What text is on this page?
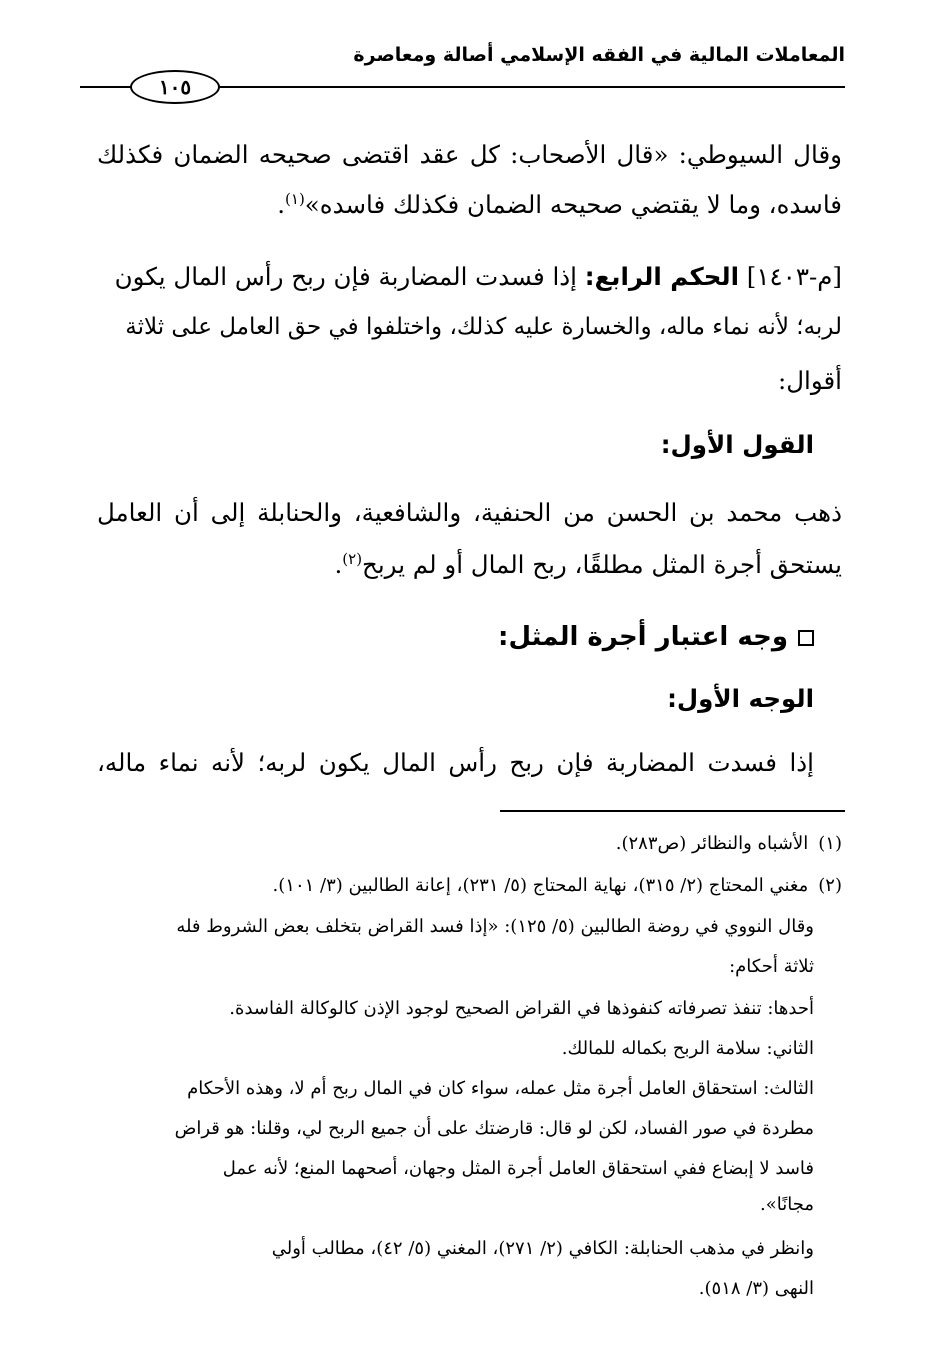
المعاملات المالية في الفقه الإسلامي أصالة ومعاصرة
١٠٥
وقال السيوطي: «قال الأصحاب: كل عقد اقتضى صحيحه الضمان فكذلك
فاسده، وما لا يقتضي صحيحه الضمان فكذلك فاسده»$^{(١)}$.
[م-١٤٠٣] الحكم الرابع: إذا فسدت المضاربة فإن ربح رأس المال يكون
لربه؛ لأنه نماء ماله، والخسارة عليه كذلك، واختلفوا في حق العامل على ثلاثة
أقوال:
القول الأول:
ذهب محمد بن الحسن من الحنفية، والشافعية، والحنابلة إلى أن العامل
يستحق أجرة المثل مطلقًا، ربح المال أو لم يربح$^{(٢)}$.
وجه اعتبار أجرة المثل:
الوجه الأول:
إذا فسدت المضاربة فإن ربح رأس المال يكون لربه؛ لأنه نماء ماله،
(١)الأشباه والنظائر (ص٢٨٣).
(٢)مغني المحتاج (٢/ ٣١٥)، نهاية المحتاج (٥/ ٢٣١)، إعانة الطالبين (٣/ ١٠١).
وقال النووي في روضة الطالبين (٥/ ١٢٥): «إذا فسد القراض بتخلف بعض الشروط فله
ثلاثة أحكام:
أحدها: تنفذ تصرفاته كنفوذها في القراض الصحيح لوجود الإذن كالوكالة الفاسدة.
الثاني: سلامة الربح بكماله للمالك.
الثالث: استحقاق العامل أجرة مثل عمله، سواء كان في المال ربح أم لا، وهذه الأحكام
مطردة في صور الفساد، لكن لو قال: قارضتك على أن جميع الربح لي، وقلنا: هو قراض
فاسد لا إبضاع ففي استحقاق العامل أجرة المثل وجهان، أصحهما المنع؛ لأنه عمل
مجانًا».
وانظر في مذهب الحنابلة: الكافي (٢/ ٢٧١)، المغني (٥/ ٤٢)، مطالب أولي
النهى (٣/ ٥١٨).
